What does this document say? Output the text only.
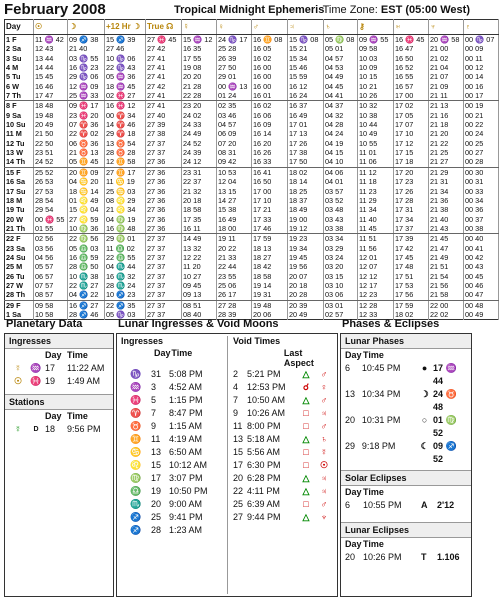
February 2008	Tropical Midnight Ephemeris
Time Zone: EST (05:00 West)
Day	☉	☽	+12 Hr ☽	True ☊	☿	♀	♂	♃	♄	⚷	♅	♆	♇
1 F	11 ♒ 42	09 ♐ 38	15 ♐ 39	27 ♓ 45	15 ♒ 12	24 ♑ 17	16 ♊ 08	15 ♑ 08	05 ♍ 08	09 ♒ 55	16 ♓ 45	20 ♒ 58	00 ♑ 07
2 Sa	12 43	21 40	27 46	27 42	16 35	25 28	16 05	15 21	05 01	09 58	16 47	21 00	00 09
3 Su	13 44	03 ♑ 55	10 ♑ 06	27 41	17 55	26 39	16 02	15 34	04 57	10 03	16 50	21 02	00 11
4 M	14 44	16 ♑ 23	22 ♑ 43	27 41	19 08	27 50	16 00	15 46	04 53	10 09	16 52	21 04	00 12
5 Tu	15 45	29 ♑ 06	05 ♒ 36	27 41	20 20	29 01	16 00	15 59	04 49	10 15	16 55	21 07	00 14
6 W	16 46	12 ♒ 09	18 ♒ 45	27 42	21 28	00 ♒ 13	16 00	16 12	04 45	10 21	16 57	21 09	00 16
7 Th	17 47	25 ♒ 33	02 ♓ 27	27 41	22 28	01 24	16 01	16 24	04 41	10 26	17 00	21 11	00 17
8 F	18 48	09 ♓ 17	16 ♓ 12	27 41	23 20	02 35	16 02	16 37	04 37	10 32	17 02	21 13	00 19
9 Sa	19 48	23 ♓ 20	00 ♈ 34	27 40	24 02	03 46	16 06	16 49	04 32	10 38	17 05	21 16	00 21
10 Su	20 49	07 ♈ 36	14 ♈ 46	27 39	24 33	04 57	16 09	17 01	04 28	10 44	17 07	21 18	00 22
11 M	21 50	22 ♈ 02	29 ♈ 18	27 38	24 49	06 09	16 14	17 13	04 24	10 49	17 10	21 20	00 24
12 Tu	22 50	06 ♉ 36	13 ♉ 54	27 37	24 52	07 20	16 20	17 26	04 19	10 55	17 12	21 22	00 25
13 W	23 51	21 ♉ 13	28 ♉ 28	27 37	24 39	08 31	16 26	17 38	04 15	11 01	17 15	21 25	00 27
14 Th	24 52	05 ♊ 45	12 ♊ 58	27 36	24 12	09 42	16 33	17 50	04 10	11 06	17 18	21 27	00 28
15 F	25 52	20 ♊ 09	27 ♊ 17	27 36	23 31	10 53	16 41	18 02	04 06	11 12	17 20	21 29	00 30
16 Sa	26 53	04 ♋ 20	11 ♋ 19	27 36	22 37	12 04	16 50	18 14	04 01	11 18	17 23	21 31	00 31
17 Su	27 53	18 ♋ 14	25 ♋ 03	27 36	21 32	13 15	17 00	18 25	03 57	11 23	17 26	21 34	00 33
18 M	28 54	01 ♌ 49	08 ♌ 29	27 36	20 18	14 27	17 10	18 37	03 52	11 29	17 28	21 36	00 34
19 Tu	29 54	15 ♌ 04	21 ♌ 34	27 36	18 58	15 38	17 21	18 49	03 48	11 34	17 31	21 38	00 36
20 W	00 ♓ 55	27 ♌ 59	04 ♍ 19	27 36	17 35	16 49	17 33	19 00	03 43	11 40	17 34	21 40	00 37
21 Th	01 55	10 ♍ 36	16 ♍ 48	27 36	16 11	18 00	17 46	19 12	03 38	11 45	17 37	21 43	00 38
22 F	02 56	22 ♍ 56	29 ♍ 01	27 37	14 49	19 11	17 59	19 23	03 34	11 51	17 39	21 45	00 40
23 Sa	03 56	05 ♎ 03	11 ♎ 02	27 37	13 32	20 22	18 13	19 34	03 29	11 56	17 42	21 47	00 41
24 Su	04 56	16 ♎ 59	22 ♎ 55	27 37	12 22	21 33	18 27	19 45	03 24	12 01	17 45	21 49	00 42
25 M	05 57	28 ♎ 50	04 ♏ 44	27 37	11 20	22 44	18 42	19 56	03 20	12 07	17 48	21 51	00 43
26 Tu	06 57	10 ♏ 38	16 ♏ 32	27 37	10 27	23 55	18 58	20 07	03 15	12 12	17 51	21 54	00 45
27 W	07 57	22 ♏ 27	28 ♏ 24	27 37	09 45	25 06	19 14	20 18	03 10	12 17	17 53	21 56	00 46
28 Th	08 57	04 ♐ 22	10 ♐ 23	27 37	09 13	26 17	19 31	20 28	03 06	12 23	17 56	21 58	00 47
29 F	09 58	16 ♐ 27	22 ♐ 35	27 37	08 51	27 28	19 48	20 39	03 01	12 28	17 59	22 00	00 48
1 Sa	10 58	28 ♐ 46	05 ♑ 03	27 37	08 40	28 39	20 06	20 49	02 57	12 33	18 02	22 02	00 49
Planetary Data
Ingresses
Day Time
☿	♒ 17	11:22 AM
☉ ♓ 19	1:49 AM
Stations
Day Time
☿	D 18	9:56 PM
Lunar Ingresses & Void Moons
Ingresses	Void Times
Day Time	Last Aspect
♑	31 5:08 PM
♒	3	4:52 AM
♓	5	1:15 PM
♈	7	8:47 PM
♉	9	1:15 AM
♊	11 4:19 AM
♋	13 6:50 AM
♌	15 10:12 AM
♍	17 3:07 PM
♎	19 10:50 PM
♏	20 9:00 AM
♐	25 9:41 PM
♐	28 1:23 AM
2 5:21 PM	△	♂
4 12:53 PM	☌	♀
7 10:50 AM	△	♂
9 10:26 AM	□	♃
11 8:00 PM	□	♂
13 5:18 AM	△	♄
15 5:56 AM	□	☿
17 6:30 PM	□	☉
20 6:28 PM	△	♃
22 4:11 PM	△	♃
25 6:39 AM	□	♂
27 9:44 PM	△	♆
Phases & Eclipses
Lunar Phases
Day Time
6	10:45 PM	● 17 ♒ 44
13 10:34 PM	☽ 24 ♉ 48
20 10:31 PM	○ 01 ♍ 52
29 9:18 PM	☾ 09 ♐ 52
Solar Eclipses
Day Time
6	10:55 PM	A	2'12
Lunar Eclipses
Day Time
20 10:26 PM	T	1.106
